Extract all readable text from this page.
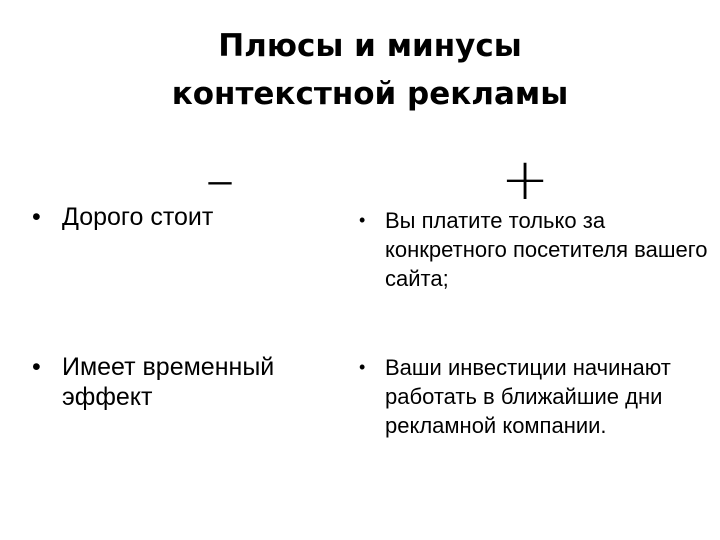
Плюсы и минусы
контекстной рекламы
–	+
• Дорого стоит
• Имеет временный эффект
• Вы платите только за конкретного посетителя вашего сайта;
• Ваши инвестиции начинают работать в ближайшие дни рекламной компании.
